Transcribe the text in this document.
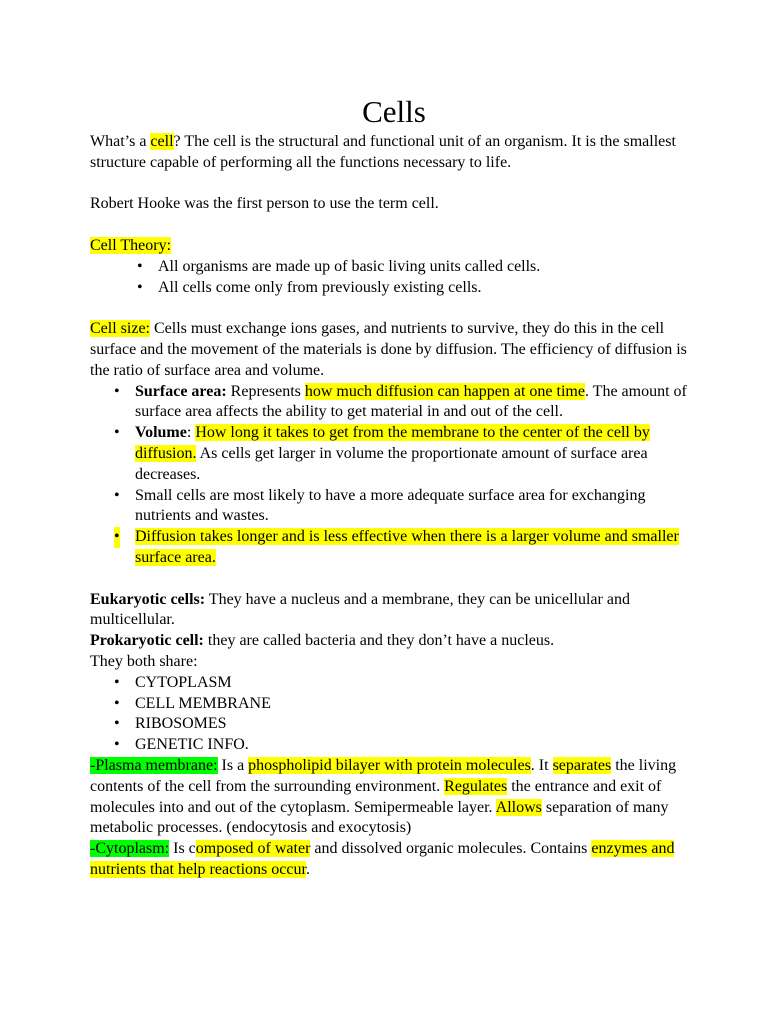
Cells

What’s a cell? The cell is the structural and functional unit of an organism. It is the smallest structure capable of performing all the functions necessary to life.

Robert Hooke was the first person to use the term cell.

Cell Theory:

• All organisms are made up of basic living units called cells.
• All cells come only from previously existing cells.

Cell size: Cells must exchange ions gases, and nutrients to survive, they do this in the cell surface and the movement of the materials is done by diffusion. The efficiency of diffusion is the ratio of surface area and volume.

• Surface area: Represents how much diffusion can happen at one time. The amount of surface area affects the ability to get material in and out of the cell.
• Volume: How long it takes to get from the membrane to the center of the cell by diffusion. As cells get larger in volume the proportionate amount of surface area decreases.
• Small cells are most likely to have a more adequate surface area for exchanging nutrients and wastes.
• Diffusion takes longer and is less effective when there is a larger volume and smaller surface area.

Eukaryotic cells: They have a nucleus and a membrane, they can be unicellular and multicellular.

Prokaryotic cell: they are called bacteria and they don’t have a nucleus.

They both share:

• CYTOPLASM
• CELL MEMBRANE
• RIBOSOMES
• GENETIC INFO.

-Plasma membrane: Is a phospholipid bilayer with protein molecules. It separates the living contents of the cell from the surrounding environment. Regulates the entrance and exit of molecules into and out of the cytoplasm. Semipermeable layer. Allows separation of many metabolic processes. (endocytosis and exocytosis)

-Cytoplasm: Is composed of water and dissolved organic molecules. Contains enzymes and nutrients that help reactions occur.
